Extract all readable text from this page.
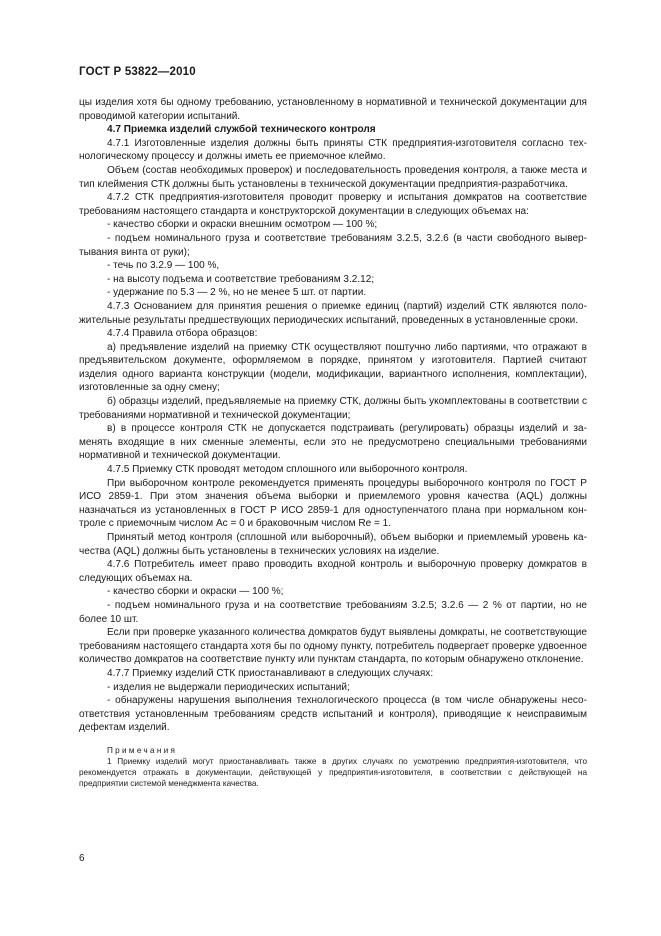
ГОСТ Р 53822—2010

цы изделия хотя бы одному требованию, установленному в нормативной и технической документации для проводимой категории испытаний.

4.7 Приемка изделий службой технического контроля

4.7.1 Изготовленные изделия должны быть приняты СТК предприятия-изготовителя согласно технологическому процессу и должны иметь ее приемочное клеймо.

Объем (состав необходимых проверок) и последовательность проведения контроля, а также места и тип клеймения СТК должны быть установлены в технической документации предприятия-разработчика.

4.7.2 СТК предприятия-изготовителя проводит проверку и испытания домкратов на соответствие требованиям настоящего стандарта и конструкторской документации в следующих объемах на:

- качество сборки и окраски внешним осмотром — 100 %;

- подъем номинального груза и соответствие требованиям 3.2.5, 3.2.6 (в части свободного вывертывания винта от руки);

- течь по 3.2.9 — 100 %,

- на высоту подъема и соответствие требованиям 3.2.12;

- удержание по 5.3 — 2 %, но не менее 5 шт. от партии.

4.7.3 Основанием для принятия решения о приемке единиц (партий) изделий СТК являются положительные результаты предшествующих периодических испытаний, проведенных в установленные сроки.

4.7.4 Правила отбора образцов:

а) предъявление изделий на приемку СТК осуществляют поштучно либо партиями, что отражают в предъявительском документе, оформляемом в порядке, принятом у изготовителя. Партией считают изделия одного варианта конструкции (модели, модификации, вариантного исполнения, комплектации), изготовленные за одну смену;

б) образцы изделий, предъявляемые на приемку СТК, должны быть укомплектованы в соответствии с требованиями нормативной и технической документации;

в) в процессе контроля СТК не допускается подстраивать (регулировать) образцы изделий и заменять входящие в них сменные элементы, если это не предусмотрено специальными требованиями нормативной и технической документации.

4.7.5 Приемку СТК проводят методом сплошного или выборочного контроля.

При выборочном контроле рекомендуется применять процедуры выборочного контроля по ГОСТ Р ИСО 2859-1. При этом значения объема выборки и приемлемого уровня качества (AQL) должны назначаться из установленных в ГОСТ Р ИСО 2859-1 для одноступенчатого плана при нормальном контроле с приемочным числом Ac = 0 и браковочным числом Re = 1.

Принятый метод контроля (сплошной или выборочный), объем выборки и приемлемый уровень качества (AQL) должны быть установлены в технических условиях на изделие.

4.7.6 Потребитель имеет право проводить входной контроль и выборочную проверку домкратов в следующих объемах на.

- качество сборки и окраски — 100 %;

- подъем номинального груза и на соответствие требованиям 3.2.5; 3.2.6 — 2 % от партии, но не более 10 шт.

Если при проверке указанного количества домкратов будут выявлены домкраты, не соответствующие требованиям настоящего стандарта хотя бы по одному пункту, потребитель подвергает проверке удвоенное количество домкратов на соответствие пункту или пунктам стандарта, по которым обнаружено отклонение.

4.7.7 Приемку изделий СТК приостанавливают в следующих случаях:

- изделия не выдержали периодических испытаний;

- обнаружены нарушения выполнения технологического процесса (в том числе обнаружены несоответствия установленным требованиям средств испытаний и контроля), приводящие к неисправимым дефектам изделий.

Примечания

1 Приемку изделий могут приостанавливать также в других случаях по усмотрению предприятия-изготовителя, что рекомендуется отражать в документации, действующей у предприятия-изготовителя, в соответствии с действующей на предприятии системой менеджмента качества.

6
